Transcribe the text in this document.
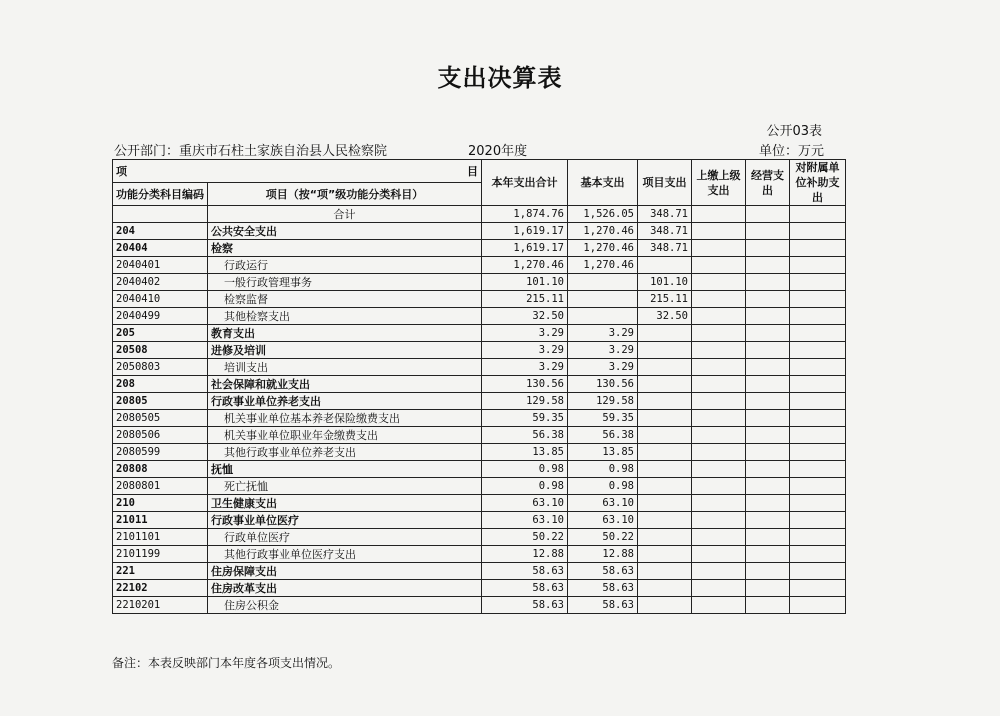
支出决算表
公开03表
公开部门：重庆市石柱土家族自治县人民检察院	2020年度	单位：万元
项 目		本年支出合计	基本支出	项目支出	上缴上级支出	经营支出	对附属单位补助支出
功能分类科目编码	项目（按“项”级功能分类科目）						
	合计	1,874.76	1,526.05	348.71			
204	公共安全支出	1,619.17	1,270.46	348.71			
20404	检察	1,619.17	1,270.46	348.71			
2040401	行政运行	1,270.46	1,270.46				
2040402	一般行政管理事务	101.10		101.10			
2040410	检察监督	215.11		215.11			
2040499	其他检察支出	32.50		32.50			
205	教育支出	3.29	3.29				
20508	进修及培训	3.29	3.29				
2050803	培训支出	3.29	3.29				
208	社会保障和就业支出	130.56	130.56				
20805	行政事业单位养老支出	129.58	129.58				
2080505	机关事业单位基本养老保险缴费支出	59.35	59.35				
2080506	机关事业单位职业年金缴费支出	56.38	56.38				
2080599	其他行政事业单位养老支出	13.85	13.85				
20808	抚恤	0.98	0.98				
2080801	死亡抚恤	0.98	0.98				
210	卫生健康支出	63.10	63.10				
21011	行政事业单位医疗	63.10	63.10				
2101101	行政单位医疗	50.22	50.22				
2101199	其他行政事业单位医疗支出	12.88	12.88				
221	住房保障支出	58.63	58.63				
22102	住房改革支出	58.63	58.63				
2210201	住房公积金	58.63	58.63				
备注：本表反映部门本年度各项支出情况。
